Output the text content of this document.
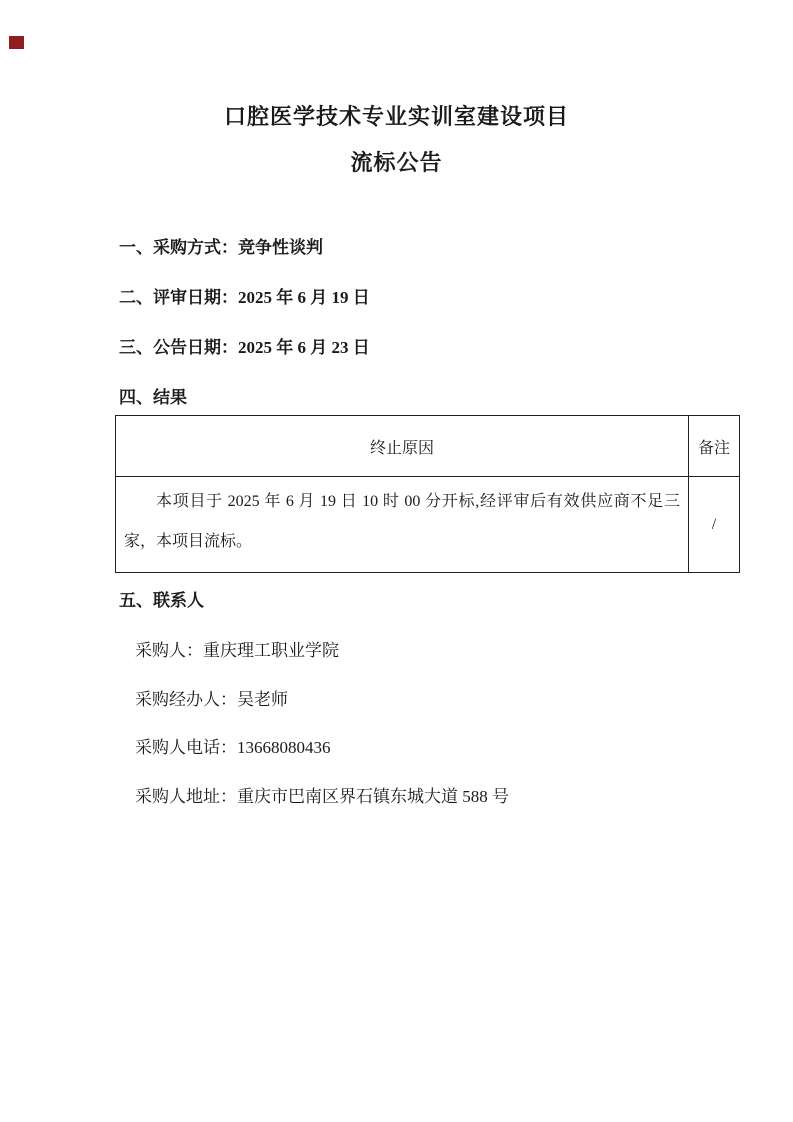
口腔医学技术专业实训室建设项目
流标公告
一、采购方式：竞争性谈判
二、评审日期：2025 年 6 月 19 日
三、公告日期：2025 年 6 月 23 日
四、结果
终止原因	备注
本项目于 2025 年 6 月 19 日 10 时 00 分开标,经评审后有效供应商不足三家，本项目流标。
/
五、联系人
采购人：重庆理工职业学院
采购经办人：吴老师
采购人电话：13668080436
采购人地址：重庆市巴南区界石镇东城大道 588 号
